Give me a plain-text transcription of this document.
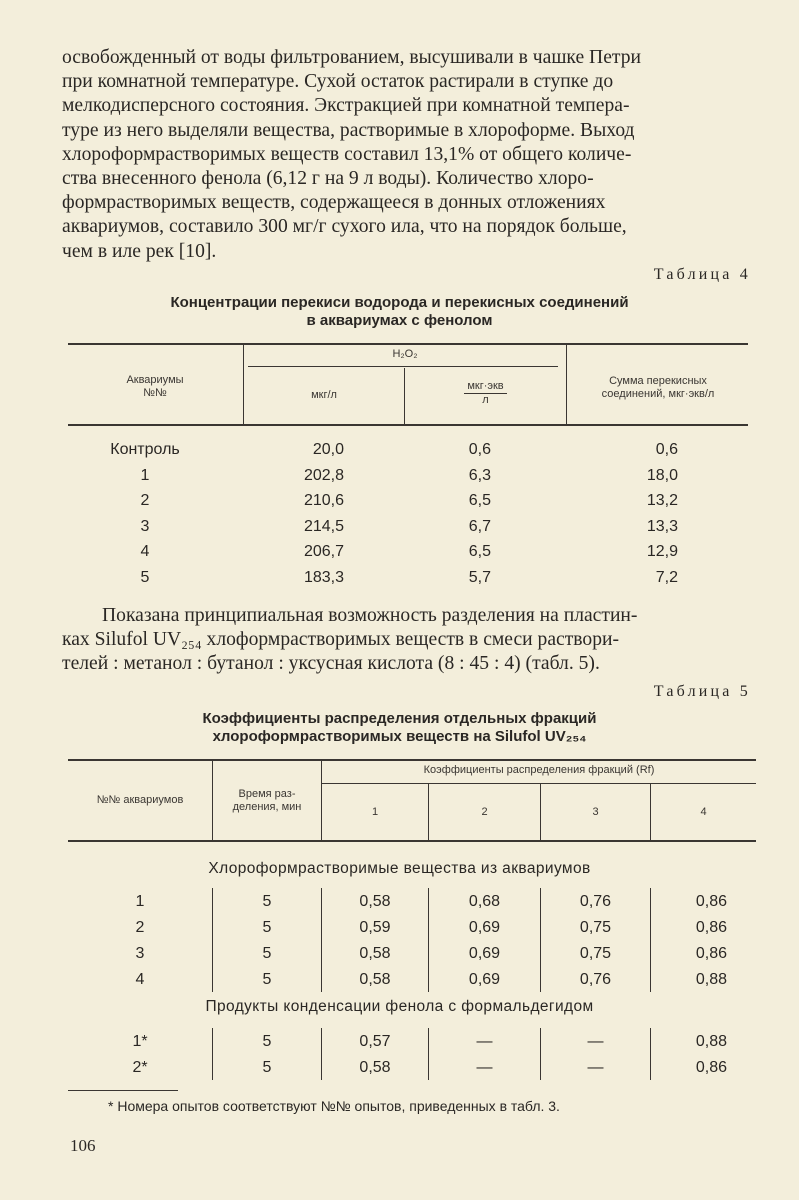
освобожденный от воды фильтрованием, высушивали в чашке Петри
при комнатной температуре. Сухой остаток растирали в ступке до
мелкодисперсного состояния. Экстракцией при комнатной темпера-
туре из него выделяли вещества, растворимые в хлороформе. Выход
хлороформрастворимых веществ составил 13,1% от общего количе-
ства внесенного фенола (6,12 г на 9 л воды). Количество хлоро-
формрастворимых веществ, содержащееся в донных отложениях
аквариумов, составило 300 мг/г сухого ила, что на порядок больше,
чем в иле рек [10].
Таблица 4
Концентрации перекиси водорода и перекисных соединений
в аквариумах с фенолом
Аквариумы
№№
H₂O₂
мкг/л	$\frac{\text{мкг·экв}}{л}$	Сумма перекисных
соединений, мкг·экв/л
Контроль	20,0	0,6	0,6
1	202,8	6,3	18,0
2	210,6	6,5	13,2
3	214,5	6,7	13,3
4	206,7	6,5	12,9
5	183,3	5,7	7,2
Показана принципиальная возможность разделения на пластин-
ках Silufol UV₂₅₄ хлоформрастворимых веществ в смеси раствори-
телей : метанол : бутанол : уксусная кислота (8 : 45 : 4) (табл. 5).
Таблица 5
Коэффициенты распределения отдельных фракций
хлороформрастворимых веществ на Silufol UV₂₅₄
№№ аквариумов	Время раз-
деления, мин
Коэффициенты распределения фракций (Rf)
1	2	3	4
Хлороформрастворимые вещества из аквариумов
Продукты конденсации фенола с формальдегидом
1	5	0,58	0,68	0,76	0,86
2	5	0,59	0,69	0,75	0,86
3	5	0,58	0,69	0,75	0,86
4	5	0,58	0,69	0,76	0,88
1*	5	0,57	—	—	0,88
2*	5	0,58	—	—	0,86
* Номера опытов соответствуют №№ опытов, приведенных в табл. 3.
106
